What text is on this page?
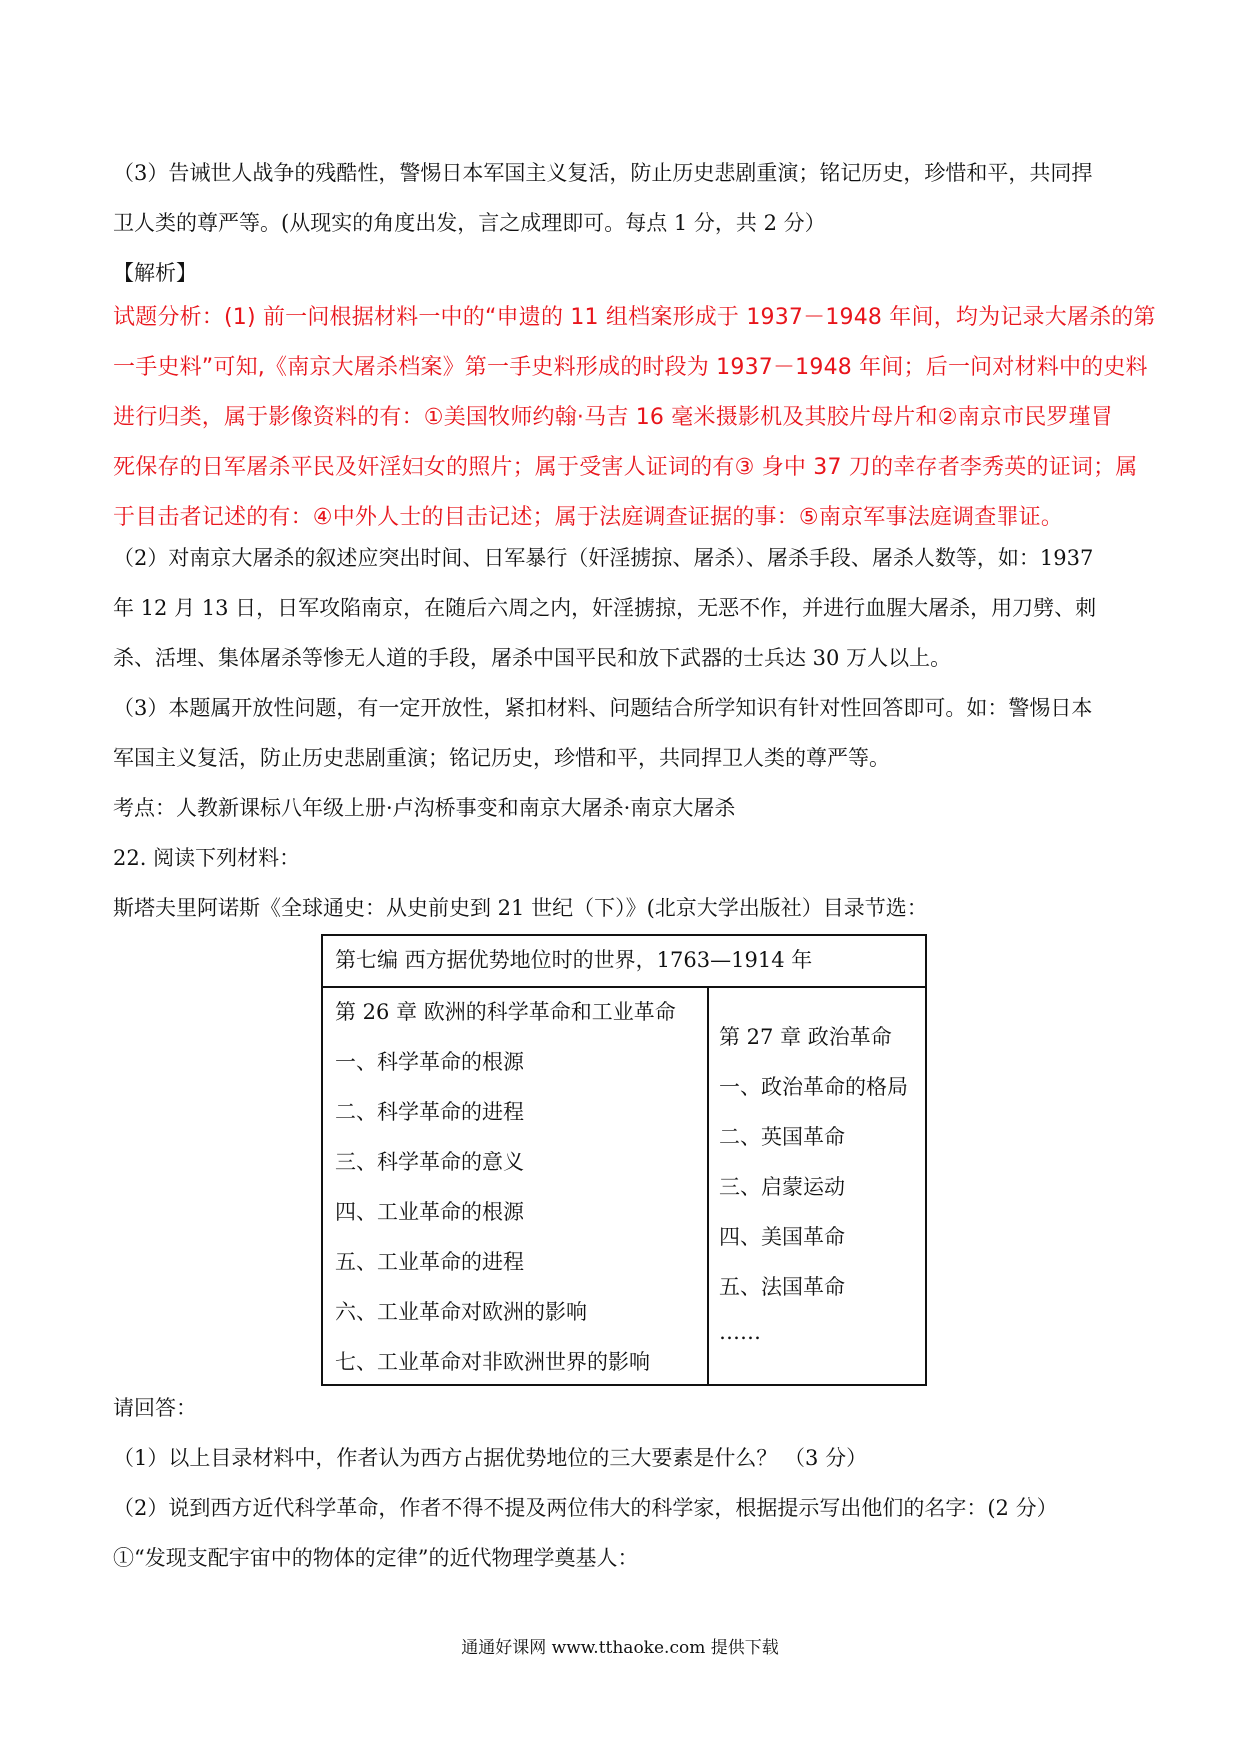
（3）告诫世人战争的残酷性，警惕日本军国主义复活，防止历史悲剧重演；铭记历史，珍惜和平，共同捍
卫人类的尊严等。(从现实的角度出发，言之成理即可。每点 1 分，共 2 分）
【解析】
试题分析：(1) 前一问根据材料一中的“申遗的 11 组档案形成于 1937－1948 年间，均为记录大屠杀的第
一手史料”可知,《南京大屠杀档案》第一手史料形成的时段为 1937－1948 年间；后一问对材料中的史料
进行归类，属于影像资料的有：①美国牧师约翰·马吉 16 毫米摄影机及其胶片母片和②南京市民罗瑾冒
死保存的日军屠杀平民及奸淫妇女的照片；属于受害人证词的有③ 身中 37 刀的幸存者李秀英的证词；属
于目击者记述的有：④中外人士的目击记述；属于法庭调查证据的事：⑤南京军事法庭调查罪证。
（2）对南京大屠杀的叙述应突出时间、日军暴行（奸淫掳掠、屠杀）、屠杀手段、屠杀人数等，如：1937
年 12 月 13 日，日军攻陷南京，在随后六周之内，奸淫掳掠，无恶不作，并进行血腥大屠杀，用刀劈、刺
杀、活埋、集体屠杀等惨无人道的手段，屠杀中国平民和放下武器的士兵达 30 万人以上。
（3）本题属开放性问题，有一定开放性，紧扣材料、问题结合所学知识有针对性回答即可。如：警惕日本
军国主义复活，防止历史悲剧重演；铭记历史，珍惜和平，共同捍卫人类的尊严等。
考点：人教新课标八年级上册·卢沟桥事变和南京大屠杀·南京大屠杀
22. 阅读下列材料：
斯塔夫里阿诺斯《全球通史：从史前史到 21 世纪（下）》(北京大学出版社）目录节选：
第七编 西方据优势地位时的世界，1763—1914 年
第 26 章 欧洲的科学革命和工业革命
一、科学革命的根源
二、科学革命的进程
三、科学革命的意义
四、工业革命的根源
五、工业革命的进程
六、工业革命对欧洲的影响
七、工业革命对非欧洲世界的影响
第 27 章 政治革命
一、政治革命的格局
二、英国革命
三、启蒙运动
四、美国革命
五、法国革命
……
请回答：
（1）以上目录材料中，作者认为西方占据优势地位的三大要素是什么？ （3 分）
（2）说到西方近代科学革命，作者不得不提及两位伟大的科学家，根据提示写出他们的名字：(2 分）
①“发现支配宇宙中的物体的定律”的近代物理学奠基人：
通通好课网 www.tthaoke.com 提供下载
